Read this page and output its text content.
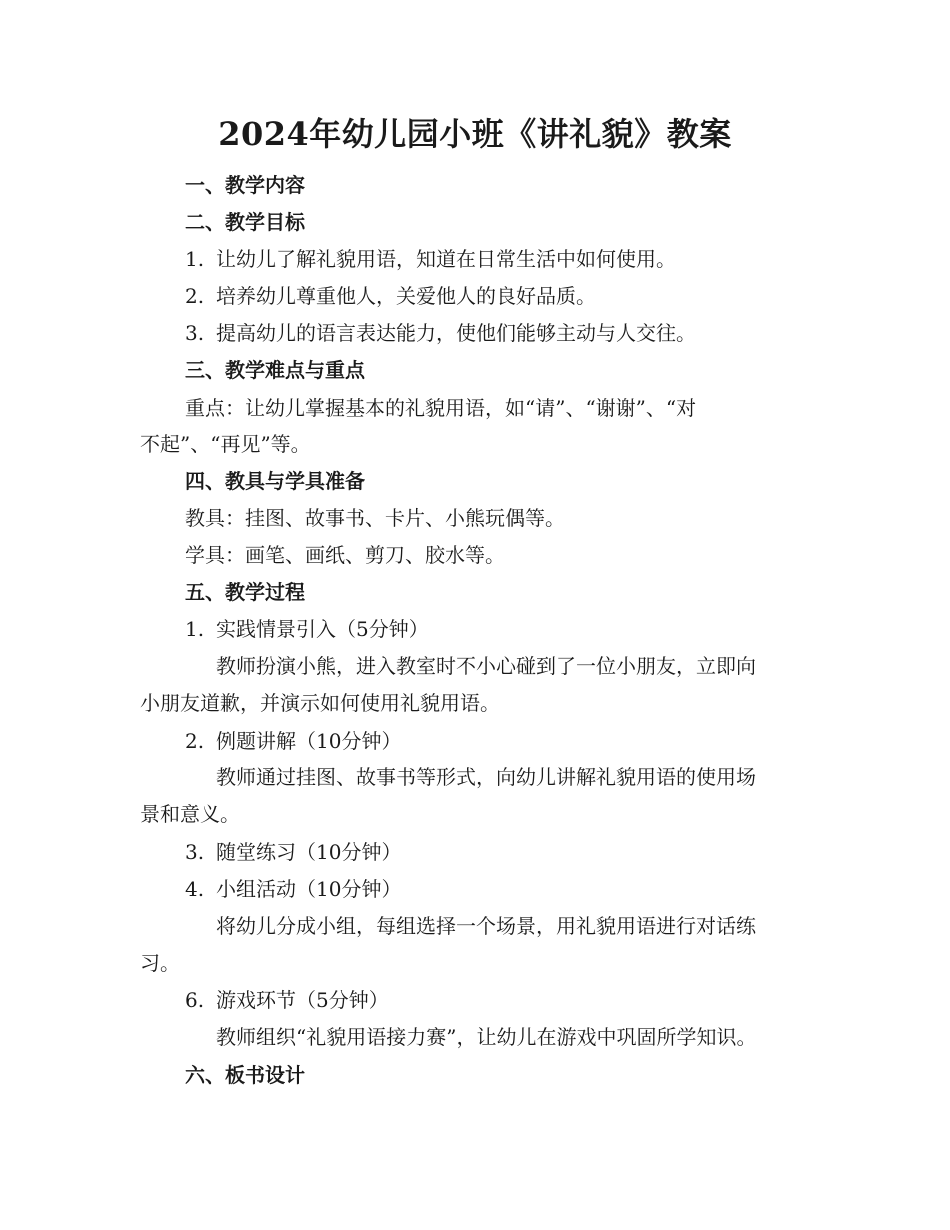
2024年幼儿园小班《讲礼貌》教案
一、教学内容
二、教学目标
1. 让幼儿了解礼貌用语，知道在日常生活中如何使用。
2. 培养幼儿尊重他人，关爱他人的良好品质。
3. 提高幼儿的语言表达能力，使他们能够主动与人交往。
三、教学难点与重点
重点：让幼儿掌握基本的礼貌用语，如“请”、“谢谢”、“对
不起”、“再见”等。
四、教具与学具准备
教具：挂图、故事书、卡片、小熊玩偶等。
学具：画笔、画纸、剪刀、胶水等。
五、教学过程
1. 实践情景引入（5分钟）
教师扮演小熊，进入教室时不小心碰到了一位小朋友，立即向
小朋友道歉，并演示如何使用礼貌用语。
2. 例题讲解（10分钟）
教师通过挂图、故事书等形式，向幼儿讲解礼貌用语的使用场
景和意义。
3. 随堂练习（10分钟）
4. 小组活动（10分钟）
将幼儿分成小组，每组选择一个场景，用礼貌用语进行对话练
习。
6. 游戏环节（5分钟）
教师组织“礼貌用语接力赛”，让幼儿在游戏中巩固所学知识。
六、板书设计
